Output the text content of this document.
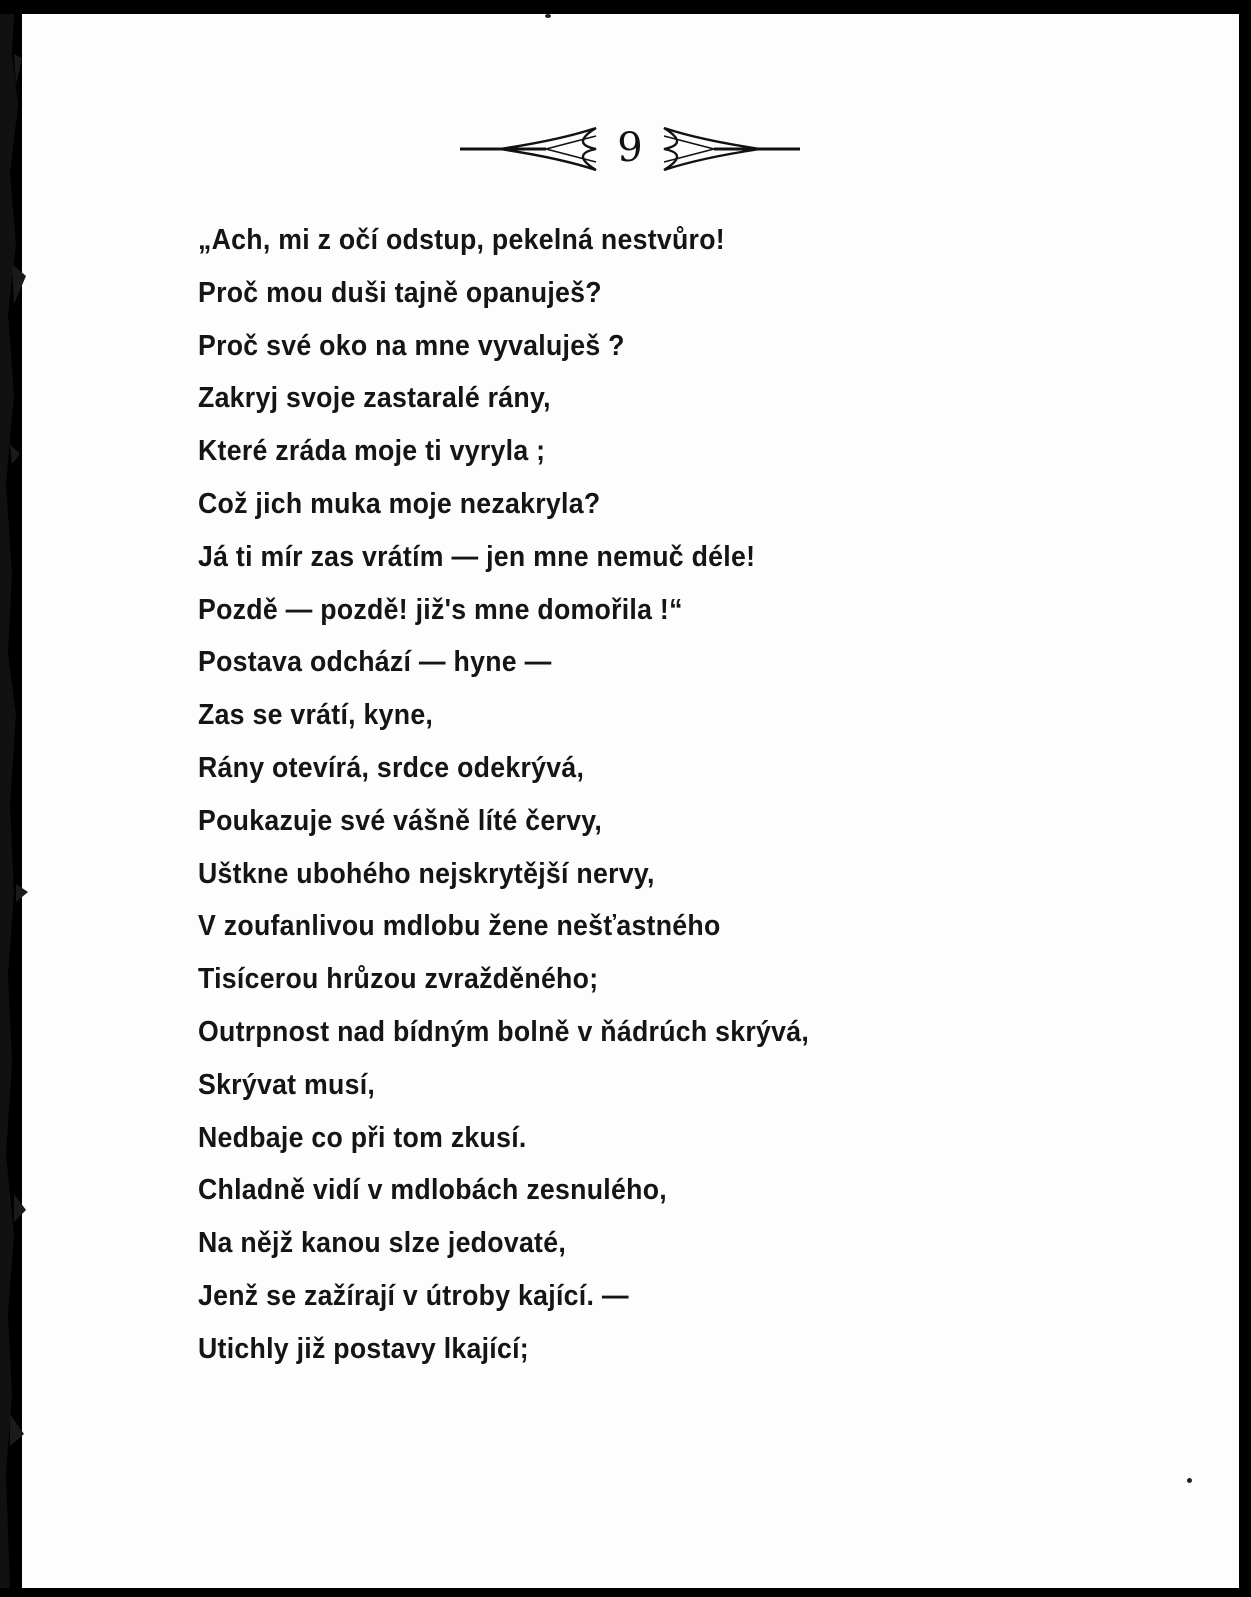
9
„Ach, mi z očí odstup, pekelná nestvůro!
Proč mou duši tajně opanuješ?
Proč své oko na mne vyvaluješ ?
Zakryj svoje zastaralé rány,
Které zráda moje ti vyryla ;
Což jich muka moje nezakryla?
Já ti mír zas vrátím — jen mne nemuč déle!
Pozdě — pozdě! již's mne domořila !“
Postava odchází — hyne —
Zas se vrátí, kyne,
Rány otevírá, srdce odekrývá,
Poukazuje své vášně líté červy,
Uštkne ubohého nejskrytější nervy,
V zoufanlivou mdlobu žene nešťastného
Tisícerou hrůzou zvražděného;
Outrpnost nad bídným bolně v ňádrúch skrývá,
Skrývat musí,
Nedbaje co při tom zkusí.
Chladně vidí v mdlobách zesnulého,
Na nějž kanou slze jedovaté,
Jenž se zažírají v útroby kající. —
Utichly již postavy lkající;
